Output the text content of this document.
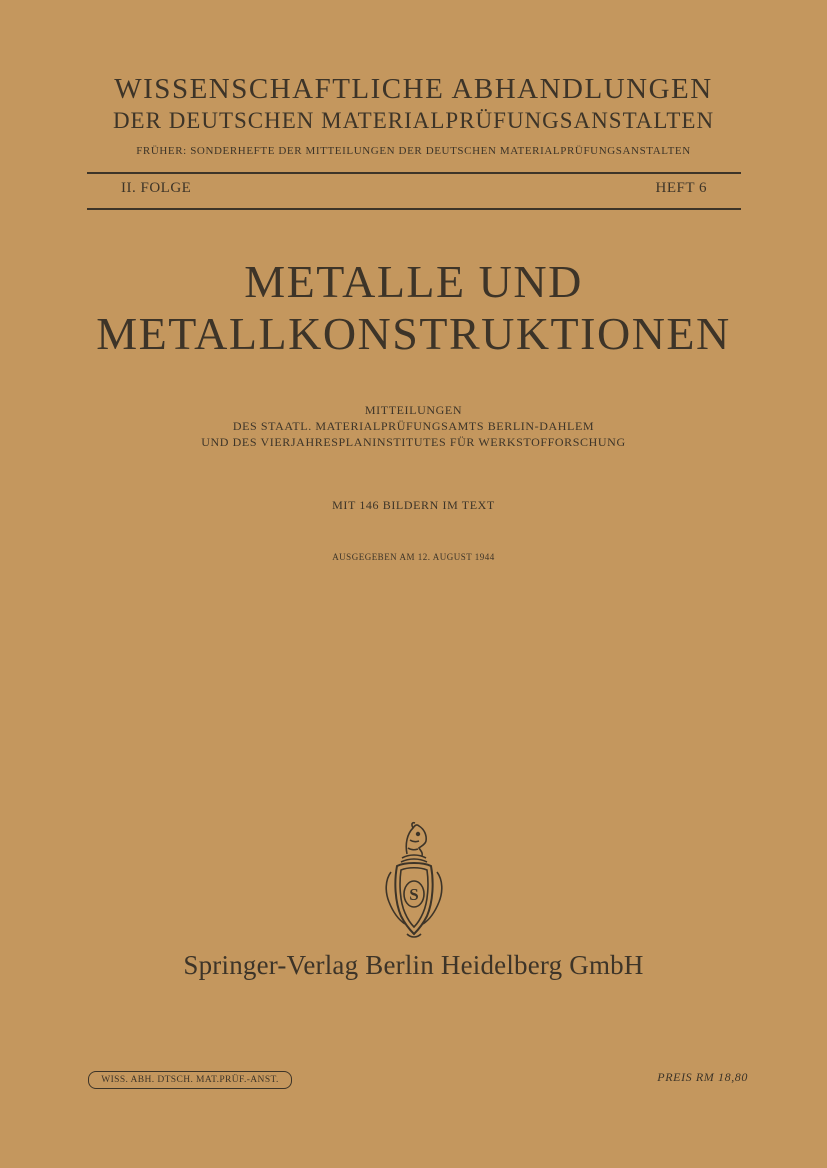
WISSENSCHAFTLICHE ABHANDLUNGEN
DER DEUTSCHEN MATERIALPRÜFUNGSANSTALTEN
FRÜHER: SONDERHEFTE DER MITTEILUNGEN DER DEUTSCHEN MATERIALPRÜFUNGSANSTALTEN
II. FOLGE	HEFT 6
METALLE UND
METALLKONSTRUKTIONEN
MITTEILUNGEN
DES STAATL. MATERIALPRÜFUNGSAMTS BERLIN-DAHLEM
UND DES VIERJAHRESPLANINSTITUTES FÜR WERKSTOFFORSCHUNG
MIT 146 BILDERN IM TEXT
AUSGEGEBEN AM 12. AUGUST 1944
S
Springer-Verlag Berlin Heidelberg GmbH
WISS. ABH. DTSCH. MAT.PRÜF.-ANST.	PREIS RM 18,80
